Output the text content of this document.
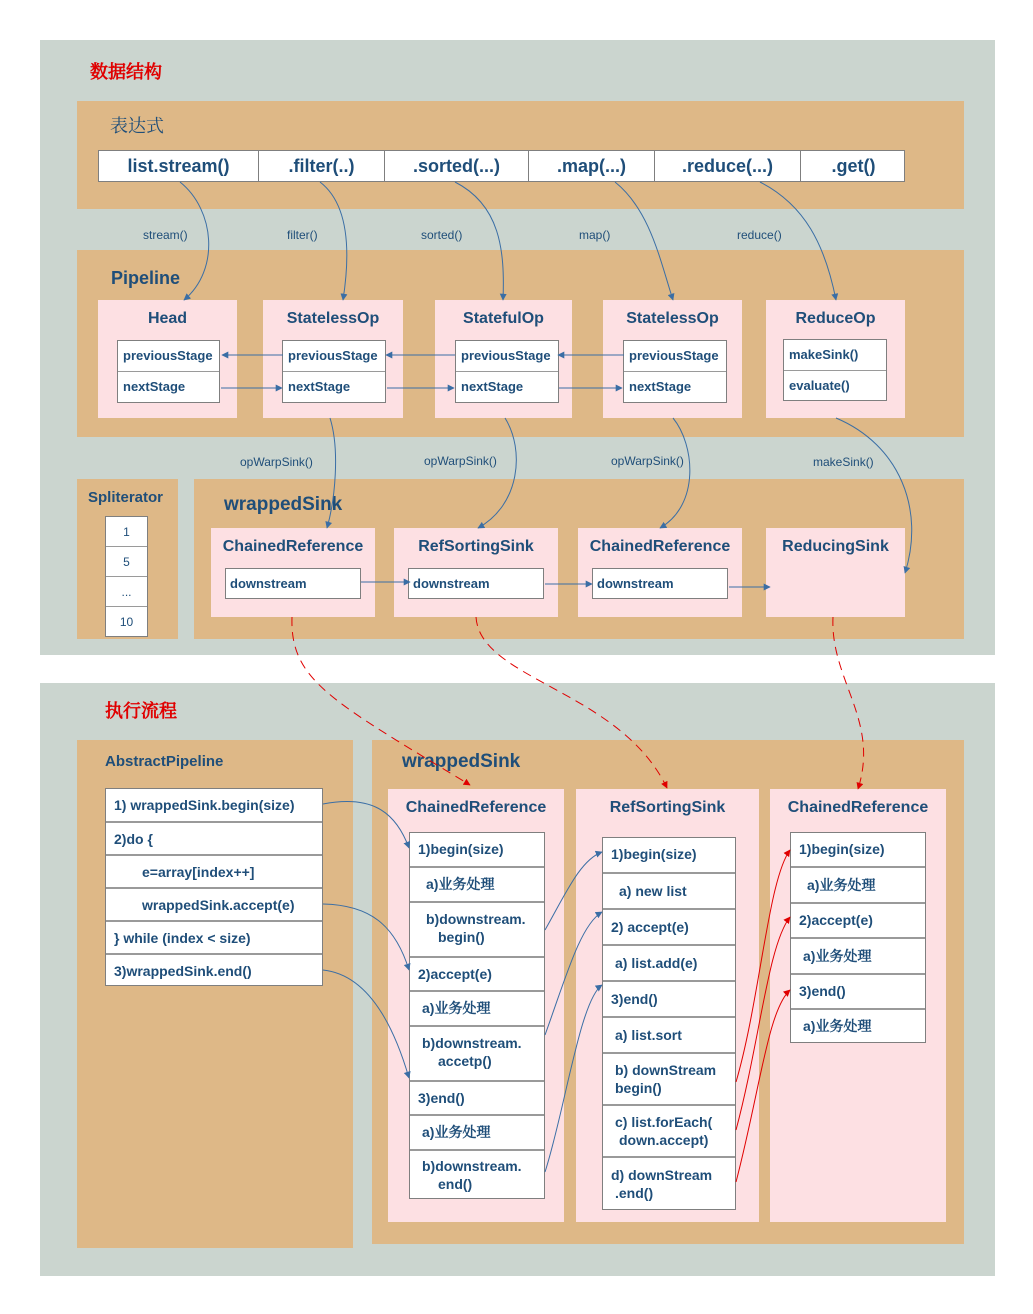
数据结构
表达式
list.stream()	.filter(..)	.sorted(...)	.map(...)	.reduce(...)	.get()
stream()	filter()	sorted()	map()	reduce()
Pipeline
Head
previousStage
nextStage
StatelessOp
previousStage
nextStage
StatefulOp
previousStage
nextStage
StatelessOp
previousStage
nextStage
ReduceOp
makeSink()
evaluate()
opWarpSink()	opWarpSink()	opWarpSink()	makeSink()
Spliterator
1
5
...
10
wrappedSink
ChainedReference
downstream
RefSortingSink
downstream
ChainedReference
downstream
ReducingSink
执行流程
AbstractPipeline
1) wrappedSink.begin(size)
2)do {
e=array[index++]
wrappedSink.accept(e)
} while (index < size)
3)wrappedSink.end()
wrappedSink
ChainedReference
1)begin(size)
a)业务处理
b)downstream.
begin()
2)accept(e)
a)业务处理
b)downstream.
accetp()
3)end()
a)业务处理
b)downstream.
end()
RefSortingSink
1)begin(size)
a) new list
2) accept(e)
a) list.add(e)
3)end()
a) list.sort
b) downStream
begin()
c) list.forEach(
down.accept)
d) downStream
.end()
ChainedReference
1)begin(size)
a)业务处理
2)accept(e)
a)业务处理
3)end()
a)业务处理
